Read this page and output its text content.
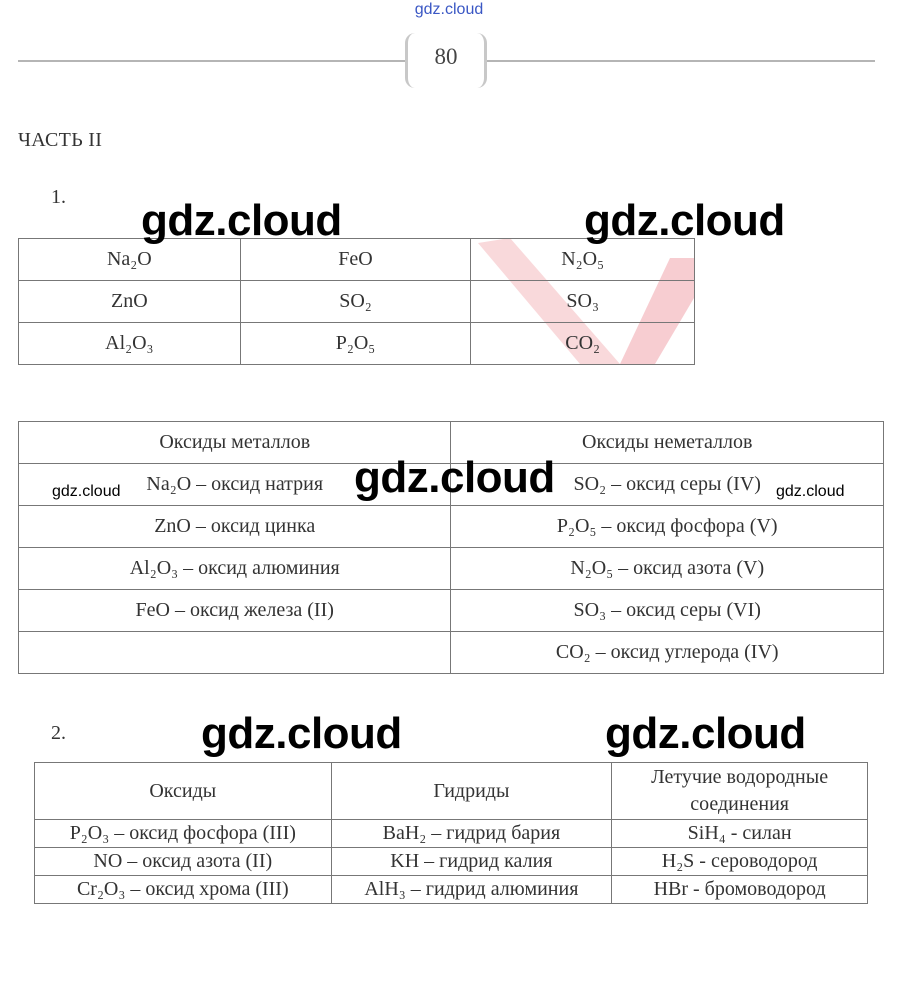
gdz.cloud
80
ЧАСТЬ II
1.
Na₂O	FeO	N₂O₅
ZnO	SO₂	SO₃
Al₂O₃	P₂O₅	CO₂
Оксиды металлов	Оксиды неметаллов
Na₂O – оксид натрия	SO₂ – оксид серы (IV)
ZnO – оксид цинка	P₂O₅ – оксид фосфора (V)
Al₂O₃ – оксид алюминия	N₂O₅ – оксид азота (V)
FeO – оксид железа (II)	SO₃ – оксид серы (VI)
	CO₂ – оксид углерода (IV)
2.
Оксиды	Гидриды	Летучие водородные соединения
P₂O₃ – оксид фосфора (III)	BaH₂ – гидрид бария	SiH₄ - силан
NO – оксид азота (II)	KH – гидрид калия	H₂S - сероводород
Cr₂O₃ – оксид хрома (III)	AlH₃ – гидрид алюминия	HBr - бромоводород
gdz.cloud	gdz.cloud
gdz.cloud	gdz.cloud	gdz.cloud
gdz.cloud	gdz.cloud
